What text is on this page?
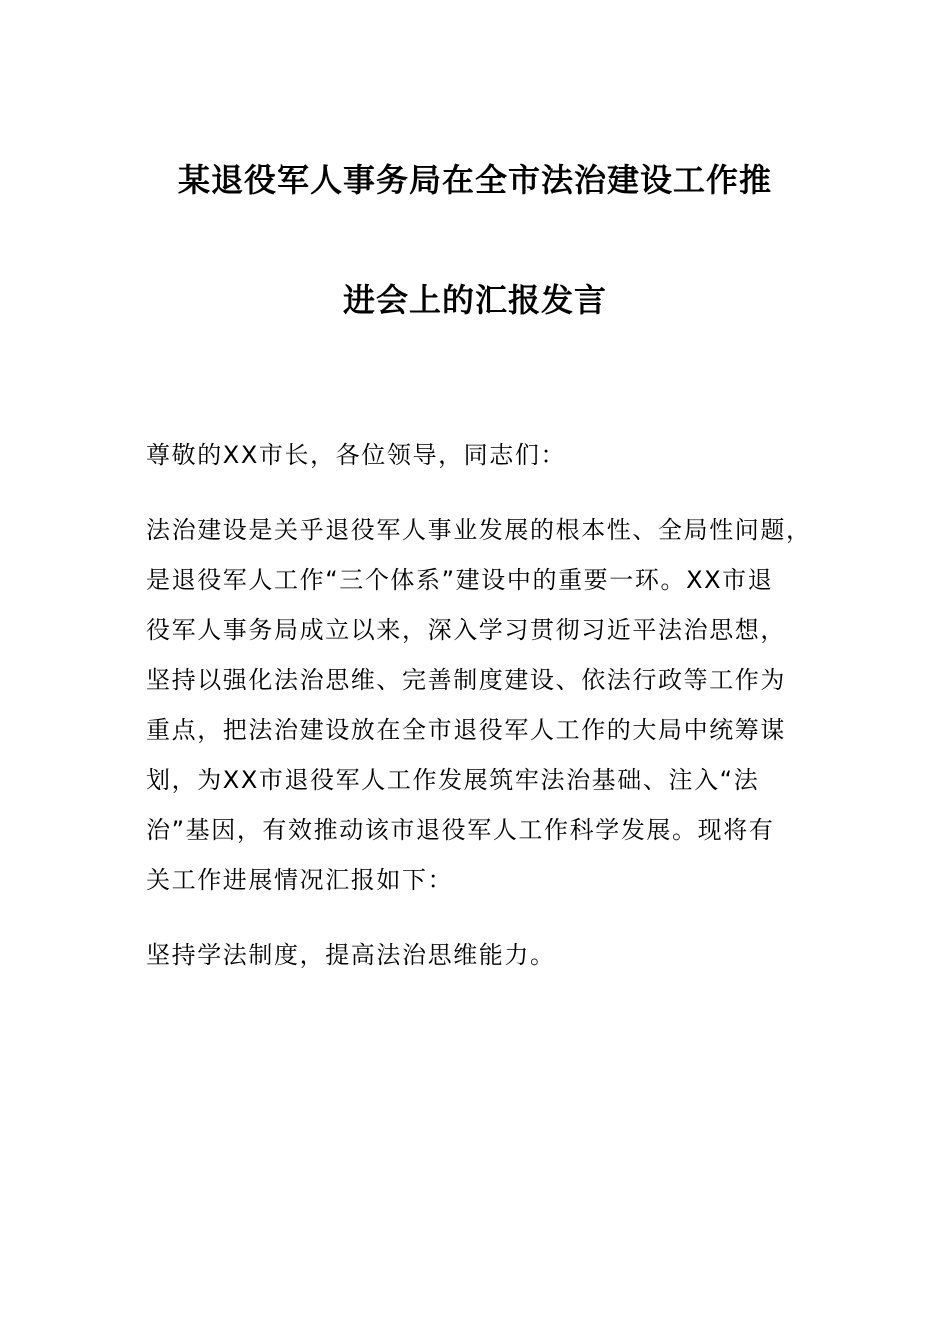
某退役军人事务局在全市法治建设工作推
进会上的汇报发言
尊敬的XX市长，各位领导，同志们：
法治建设是关乎退役军人事业发展的根本性、全局性问题，
是退役军人工作“三个体系”建设中的重要一环。XX市退
役军人事务局成立以来，深入学习贯彻习近平法治思想，
坚持以强化法治思维、完善制度建设、依法行政等工作为
重点，把法治建设放在全市退役军人工作的大局中统筹谋
划，为XX市退役军人工作发展筑牢法治基础、注入“法
治”基因，有效推动该市退役军人工作科学发展。现将有
关工作进展情况汇报如下：
坚持学法制度，提高法治思维能力。
